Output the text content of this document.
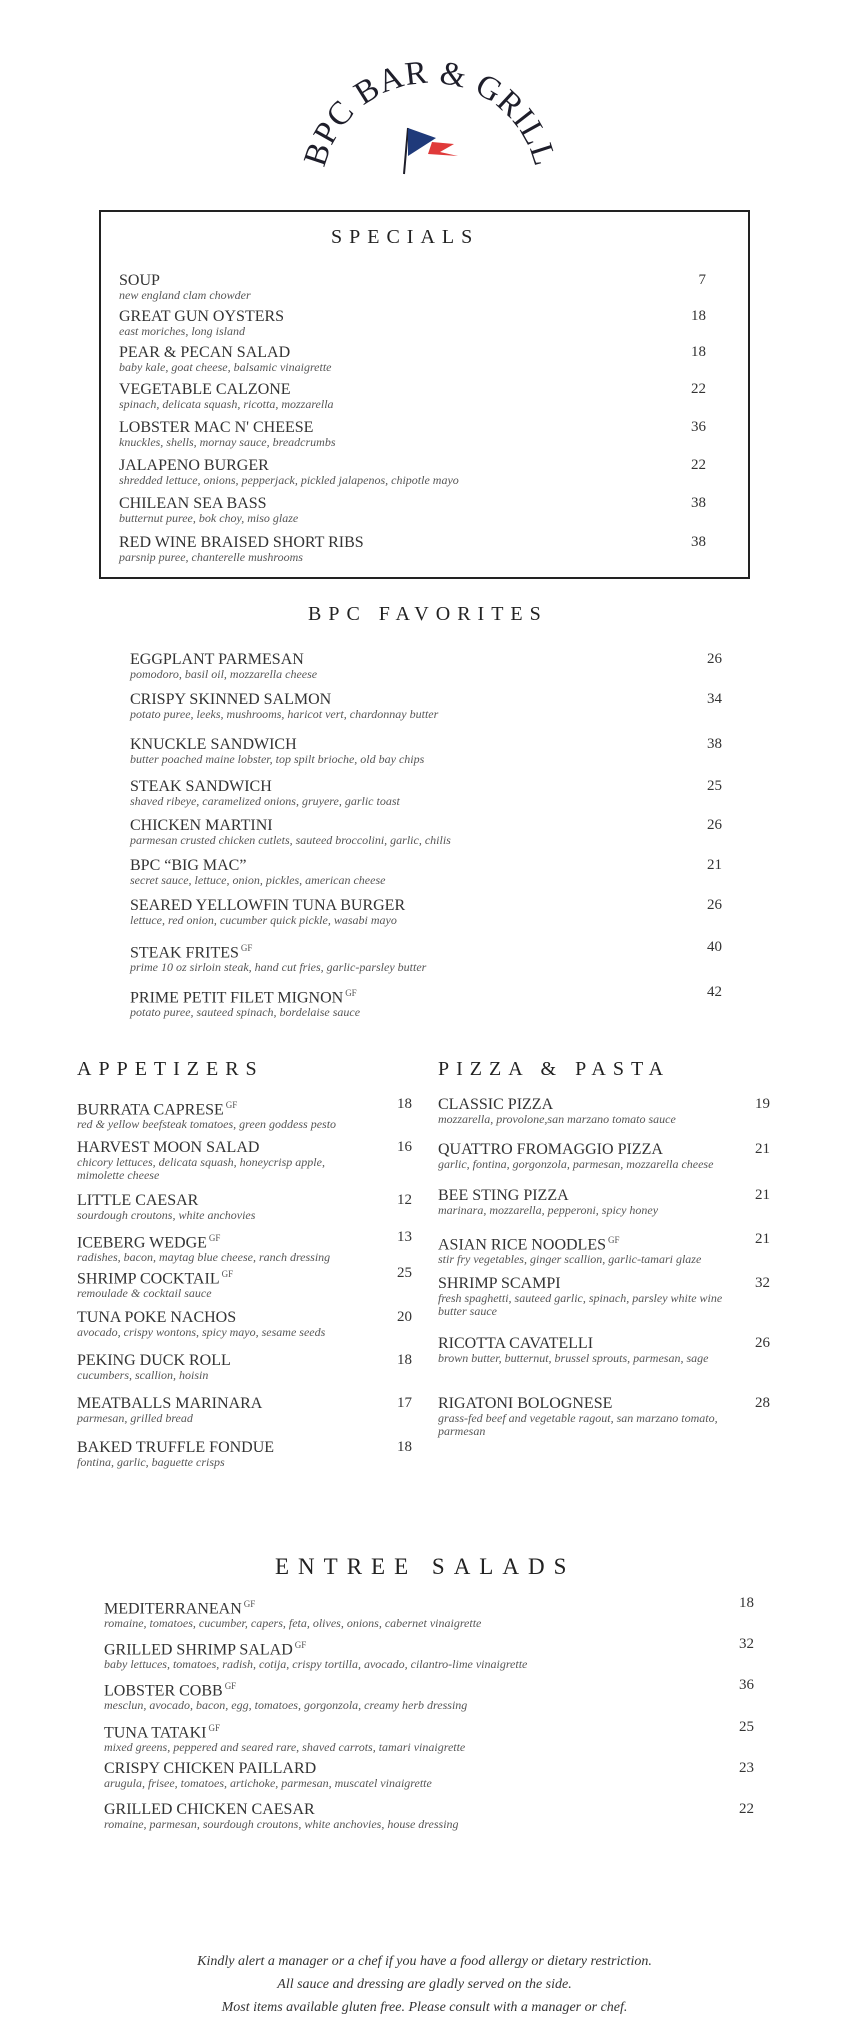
BPC BAR & GRILL
SPECIALS
SOUP
new england clam chowder
7
GREAT GUN OYSTERS
east moriches, long island
18
PEAR & PECAN SALAD
baby kale, goat cheese, balsamic vinaigrette
18
VEGETABLE CALZONE
spinach, delicata squash, ricotta, mozzarella
22
LOBSTER MAC N' CHEESE
knuckles, shells, mornay sauce, breadcrumbs
36
JALAPENO BURGER
shredded lettuce, onions, pepperjack, pickled jalapenos, chipotle mayo
22
CHILEAN SEA BASS
butternut puree, bok choy, miso glaze
38
RED WINE BRAISED SHORT RIBS
parsnip puree, chanterelle mushrooms
38
BPC FAVORITES
EGGPLANT PARMESAN
pomodoro, basil oil, mozzarella cheese
26
CRISPY SKINNED SALMON
potato puree, leeks, mushrooms, haricot vert, chardonnay butter
34
KNUCKLE SANDWICH
butter poached maine lobster, top spilt brioche, old bay chips
38
STEAK SANDWICH
shaved ribeye, caramelized onions, gruyere, garlic toast
25
CHICKEN MARTINI
parmesan crusted chicken cutlets, sauteed broccolini, garlic, chilis
26
BPC “BIG MAC”
secret sauce, lettuce, onion, pickles, american cheese
21
SEARED YELLOWFIN TUNA BURGER
lettuce, red onion, cucumber quick pickle, wasabi mayo
26
STEAK FRITES $^{GF}$
prime 10 oz sirloin steak, hand cut fries, garlic-parsley butter
40
PRIME PETIT FILET MIGNON $^{GF}$
potato puree, sauteed spinach, bordelaise sauce
42
APPETIZERS
BURRATA CAPRESE $^{GF}$
red & yellow beefsteak tomatoes, green goddess pesto
18
HARVEST MOON SALAD
chicory lettuces, delicata squash, honeycrisp apple, mimolette cheese
16
LITTLE CAESAR
sourdough croutons, white anchovies
12
ICEBERG WEDGE $^{GF}$
radishes, bacon, maytag blue cheese, ranch dressing
13
SHRIMP COCKTAIL $^{GF}$
remoulade & cocktail sauce
25
TUNA POKE NACHOS
avocado, crispy wontons, spicy mayo, sesame seeds
20
PEKING DUCK ROLL
cucumbers, scallion, hoisin
18
MEATBALLS MARINARA
parmesan, grilled bread
17
BAKED TRUFFLE FONDUE
fontina, garlic, baguette crisps
18
PIZZA & PASTA
CLASSIC PIZZA
mozzarella, provolone,san marzano tomato sauce
19
QUATTRO FROMAGGIO PIZZA
garlic, fontina, gorgonzola, parmesan, mozzarella cheese
21
BEE STING PIZZA
marinara, mozzarella, pepperoni, spicy honey
21
ASIAN RICE NOODLES $^{GF}$
stir fry vegetables, ginger scallion, garlic-tamari glaze
21
SHRIMP SCAMPI
fresh spaghetti, sauteed garlic, spinach, parsley white wine butter sauce
32
RICOTTA CAVATELLI
brown butter, butternut, brussel sprouts, parmesan, sage
26
RIGATONI BOLOGNESE
grass-fed beef and vegetable ragout, san marzano tomato, parmesan
28
ENTREE SALADS
MEDITERRANEAN $^{GF}$
romaine, tomatoes, cucumber, capers, feta, olives, onions, cabernet vinaigrette
18
GRILLED SHRIMP SALAD $^{GF}$
baby lettuces, tomatoes, radish, cotija, crispy tortilla, avocado, cilantro-lime vinaigrette
32
LOBSTER COBB $^{GF}$
mesclun, avocado, bacon, egg, tomatoes, gorgonzola, creamy herb dressing
36
TUNA TATAKI $^{GF}$
mixed greens, peppered and seared rare, shaved carrots, tamari vinaigrette
25
CRISPY CHICKEN PAILLARD
arugula, frisee, tomatoes, artichoke, parmesan, muscatel vinaigrette
23
GRILLED CHICKEN CAESAR
romaine, parmesan, sourdough croutons, white anchovies, house dressing
22
Kindly alert a manager or a chef if you have a food allergy or dietary restriction.
All sauce and dressing are gladly served on the side.
Most items available gluten free. Please consult with a manager or chef.
